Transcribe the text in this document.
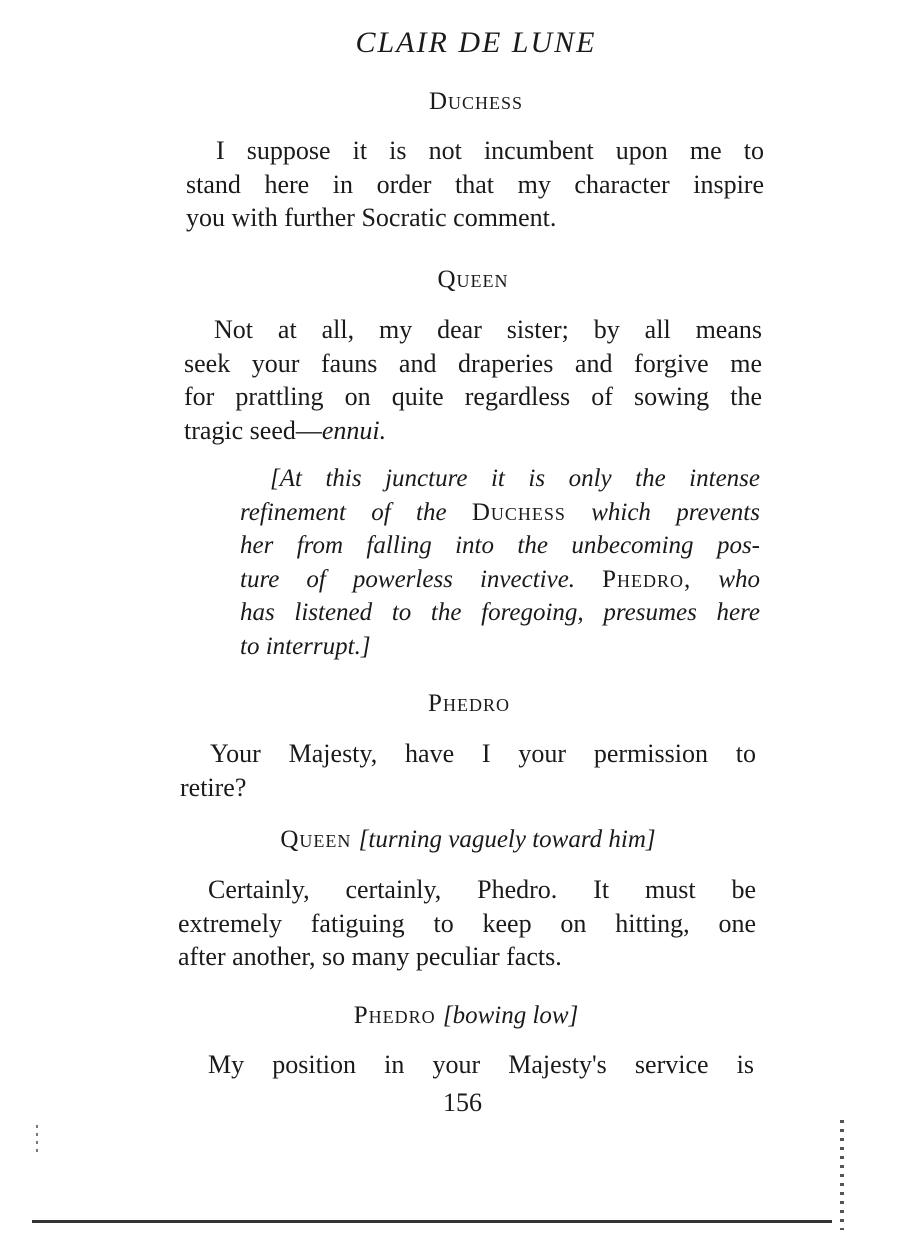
CLAIR DE LUNE
Duchess
I suppose it is not incumbent upon me to
stand here in order that my character inspire
you with further Socratic comment.
Queen
Not at all, my dear sister; by all means
seek your fauns and draperies and forgive me
for prattling on quite regardless of sowing the
tragic seed—ennui.
[At this juncture it is only the intense
refinement of the Duchess which prevents
her from falling into the unbecoming pos-
ture of powerless invective. Phedro, who
has listened to the foregoing, presumes here
to interrupt.]
Phedro
Your Majesty, have I your permission to
retire?
Queen [turning vaguely toward him]
Certainly, certainly, Phedro. It must be
extremely fatiguing to keep on hitting, one
after another, so many peculiar facts.
Phedro [bowing low]
My position in your Majesty's service is
156
